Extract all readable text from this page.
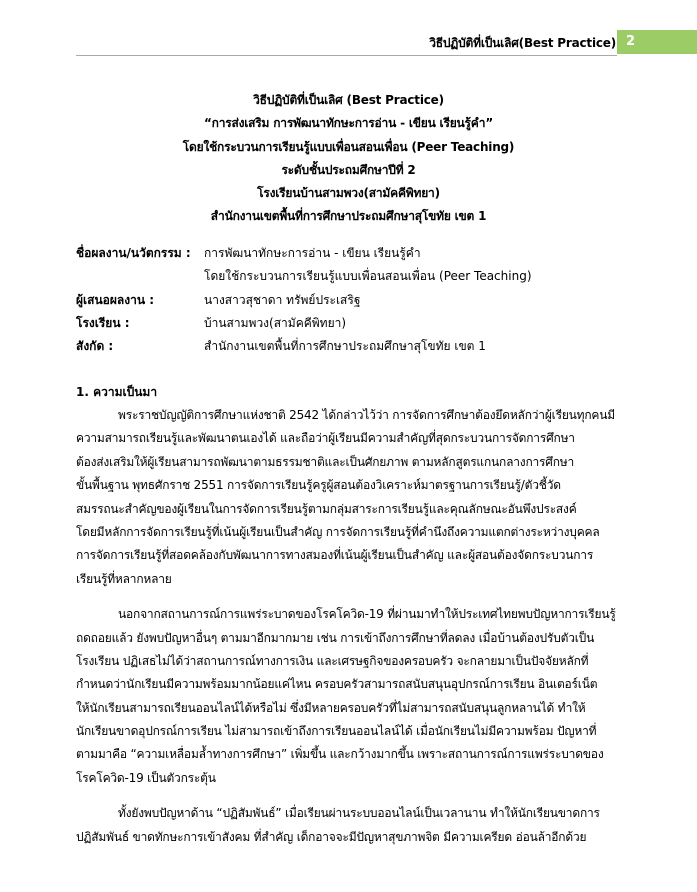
วิธีปฏิบัติที่เป็นเลิศ(Best Practice) 2
วิธีปฏิบัติที่เป็นเลิศ (Best Practice)
“การส่งเสริม การพัฒนาทักษะการอ่าน - เขียน เรียนรู้คำ”
โดยใช้กระบวนการเรียนรู้แบบเพื่อนสอนเพื่อน (Peer Teaching)
ระดับชั้นประถมศึกษาปีที่ 2
โรงเรียนบ้านสามพวง(สามัคคีพิทยา)
สำนักงานเขตพื้นที่การศึกษาประถมศึกษาสุโขทัย เขต 1
ชื่อผลงาน/นวัตกรรม : การพัฒนาทักษะการอ่าน - เขียน เรียนรู้คำ
โดยใช้กระบวนการเรียนรู้แบบเพื่อนสอนเพื่อน (Peer Teaching)
ผู้เสนอผลงาน :	นางสาวสุชาดา ทรัพย์ประเสริฐ
โรงเรียน :	บ้านสามพวง(สามัคคีพิทยา)
สังกัด :	สำนักงานเขตพื้นที่การศึกษาประถมศึกษาสุโขทัย เขต 1
1. ความเป็นมา
พระราชบัญญัติการศึกษาแห่งชาติ 2542 ได้กล่าวไว้ว่า การจัดการศึกษาต้องยึดหลักว่าผู้เรียนทุกคนมี
ความสามารถเรียนรู้และพัฒนาตนเองได้ และถือว่าผู้เรียนมีความสำคัญที่สุดกระบวนการจัดการศึกษา
ต้องส่งเสริมให้ผู้เรียนสามารถพัฒนาตามธรรมชาติและเป็นศักยภาพ ตามหลักสูตรแกนกลางการศึกษา
ขั้นพื้นฐาน พุทธศักราช 2551 การจัดการเรียนรู้ครูผู้สอนต้องวิเคราะห์มาตรฐานการเรียนรู้/ตัวชี้วัด
สมรรถนะสำคัญของผู้เรียนในการจัดการเรียนรู้ตามกลุ่มสาระการเรียนรู้และคุณลักษณะอันพึงประสงค์
โดยมีหลักการจัดการเรียนรู้ที่เน้นผู้เรียนเป็นสำคัญ การจัดการเรียนรู้ที่คำนึงถึงความแตกต่างระหว่างบุคคล
การจัดการเรียนรู้ที่สอดคล้องกับพัฒนาการทางสมองที่เน้นผู้เรียนเป็นสำคัญ และผู้สอนต้องจัดกระบวนการ
เรียนรู้ที่หลากหลาย
นอกจากสถานการณ์การแพร่ระบาดของโรคโควิด-19 ที่ผ่านมาทำให้ประเทศไทยพบปัญหาการเรียนรู้
ถดถอยแล้ว ยังพบปัญหาอื่นๆ ตามมาอีกมากมาย เช่น การเข้าถึงการศึกษาที่ลดลง เมื่อบ้านต้องปรับตัวเป็น
โรงเรียน ปฏิเสธไม่ได้ว่าสถานการณ์ทางการเงิน และเศรษฐกิจของครอบครัว จะกลายมาเป็นปัจจัยหลักที่
กำหนดว่านักเรียนมีความพร้อมมากน้อยแค่ไหน ครอบครัวสามารถสนับสนุนอุปกรณ์การเรียน อินเตอร์เน็ต
ให้นักเรียนสามารถเรียนออนไลน์ได้หรือไม่ ซึ่งมีหลายครอบครัวที่ไม่สามารถสนับสนุนลูกหลานได้ ทำให้
นักเรียนขาดอุปกรณ์การเรียน ไม่สามารถเข้าถึงการเรียนออนไลน์ได้ เมื่อนักเรียนไม่มีความพร้อม ปัญหาที่
ตามมาคือ “ความเหลื่อมล้ำทางการศึกษา” เพิ่มขึ้น และกว้างมากขึ้น เพราะสถานการณ์การแพร่ระบาดของ
โรคโควิด-19 เป็นตัวกระตุ้น
ทั้งยังพบปัญหาด้าน “ปฏิสัมพันธ์” เมื่อเรียนผ่านระบบออนไลน์เป็นเวลานาน ทำให้นักเรียนขาดการ
ปฏิสัมพันธ์ ขาดทักษะการเข้าสังคม ที่สำคัญ เด็กอาจจะมีปัญหาสุขภาพจิต มีความเครียด อ่อนล้าอีกด้วย
